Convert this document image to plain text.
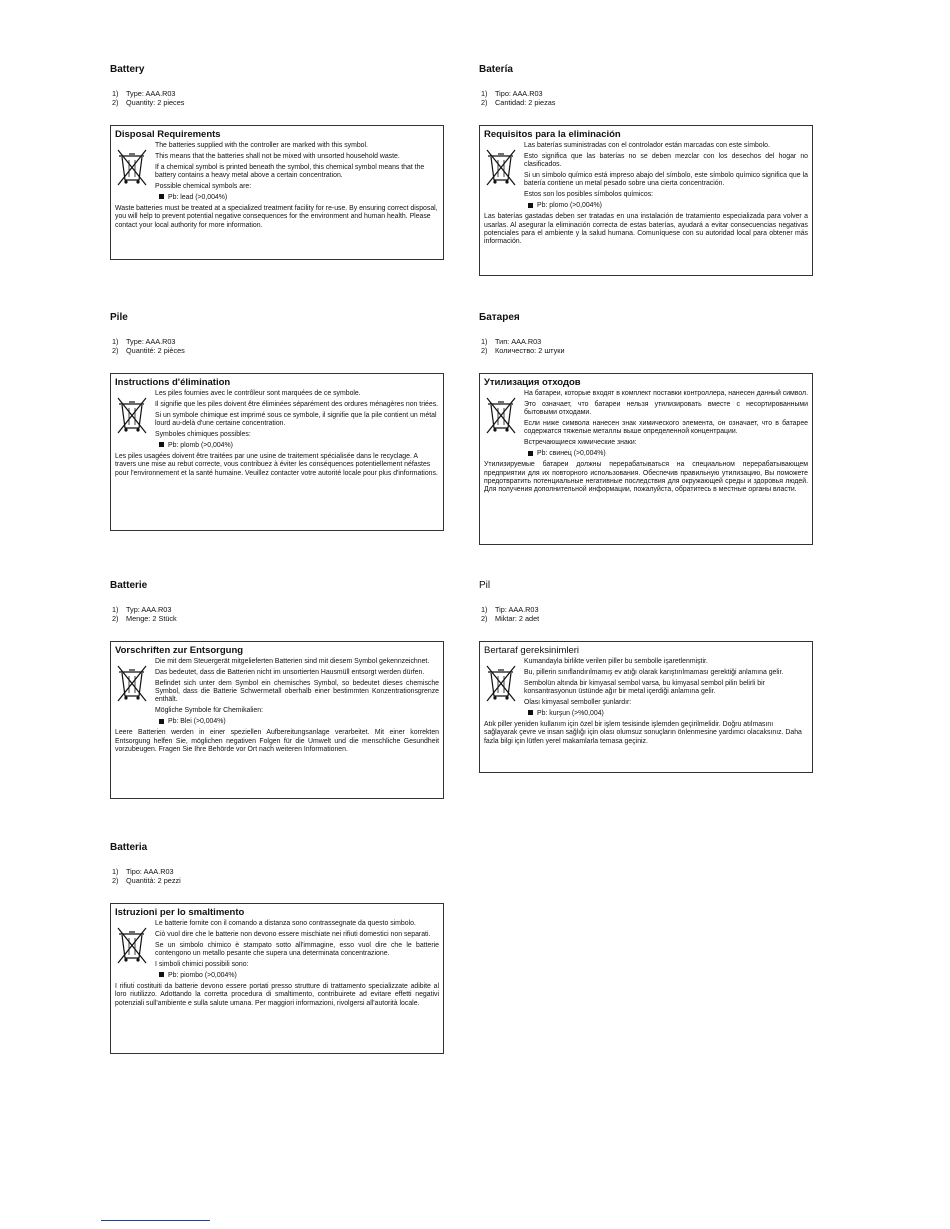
Battery
1)	Type: AAA.R03
2)	Quantity: 2 pieces
Disposal Requirements

The batteries supplied with the controller are marked with this symbol.

This means that the batteries shall not be mixed with unsorted household waste.

If a chemical symbol is printed beneath the symbol, this chemical symbol means that the battery contains a heavy metal above a certain concentration.

Possible chemical symbols are:

Pb: lead (>0,004%)

Waste batteries must be treated at a specialized treatment facility for re-use. By ensuring correct disposal, you will help to prevent potential negative consequences for the environment and human health. Please contact your local authority for more information.

Batería
1)	Tipo: AAA.R03
2)	Cantidad: 2 piezas
Requisitos para la eliminación

Las baterías suministradas con el controlador están marcadas con este símbolo.

Esto significa que las baterías no se deben mezclar con los desechos del hogar no clasificados.

Si un símbolo químico está impreso abajo del símbolo, este símbolo químico significa que la batería contiene un metal pesado sobre una cierta concentración.

Estos son los posibles símbolos químicos:

Pb: plomo (>0,004%)

Las baterías gastadas deben ser tratadas en una instalación de tratamiento especializada para volver a usarlas. Al asegurar la eliminación correcta de estas baterías, ayudará a evitar consecuencias negativas potenciales para el ambiente y la salud humana. Comuníquese con su autoridad local para obtener más información.

Pile
1)	Type: AAA.R03
2)	Quantité: 2 pièces
Instructions d'élimination

Les piles fournies avec le contrôleur sont marquées de ce symbole.

Il signifie que les piles doivent être éliminées séparément des ordures ménagères non triées.

Si un symbole chimique est imprimé sous ce symbole, il signifie que la pile contient un métal lourd au-delà d'une certaine concentration.

Symboles chimiques possibles:

Pb: plomb (>0,004%)

Les piles usagées doivent être traitées par une usine de traitement spécialisée dans le recyclage. A travers une mise au rebut correcte, vous contribuez à éviter les conséquences potentiellement néfastes pour l'environnement et la santé humaine. Veuillez contacter votre autorité locale pour plus d'informations.

Батарея
1)	Тип: AAA.R03
2)	Количество: 2 штуки
Утилизация отходов

На батареи, которые входят в комплект поставки контроллера, нанесен данный символ.

Это означает, что батареи нельзя утилизировать вместе с несортированными бытовыми отходами.

Если ниже символа нанесен знак химического элемента, он означает, что в батарее содержатся тяжелые металлы выше определенной концентрации.

Встречающиеся химические знаки:

Pb: свинец (>0,004%)

Утилизируемые батареи должны перерабатываться на специальном перерабатывающем предприятии для их повторного использования. Обеспечив правильную утилизацию, Вы поможете предотвратить потенциальные негативные последствия для окружающей среды и здоровья людей. Для получения дополнительной информации, пожалуйста, обратитесь в местные органы власти.

Batterie
1)	Typ: AAA.R03
2)	Menge: 2 Stück
Vorschriften zur Entsorgung

Die mit dem Steuergerät mitgelieferten Batterien sind mit diesem Symbol gekennzeichnet.

Das bedeutet, dass die Batterien nicht im unsortierten Hausmüll entsorgt werden dürfen.

Befindet sich unter dem Symbol ein chemisches Symbol, so bedeutet dieses chemische Symbol, dass die Batterie Schwermetall oberhalb einer bestimmten Konzentrationsgrenze enthält.

Mögliche Symbole für Chemikalien:

Pb: Blei (>0,004%)

Leere Batterien werden in einer speziellen Aufbereitungsanlage verarbeitet. Mit einer korrekten Entsorgung helfen Sie, möglichen negativen Folgen für die Umwelt und die menschliche Gesundheit vorzubeugen. Fragen Sie Ihre Behörde vor Ort nach weiteren Informationen.

Pil
1)	Tip: AAA.R03
2)	Miktar: 2 adet
Bertaraf gereksinimleri

Kumandayla birlikte verilen piller bu sembolle işaretlenmiştir.

Bu, pillerin sınıflandırılmamış ev atığı olarak karıştırılmaması gerektiği anlamına gelir.

Sembolün altında bir kimyasal sembol varsa, bu kimyasal sembol pilin belirli bir konsantrasyonun üstünde ağır bir metal içerdiği anlamına gelir.

Olası kimyasal semboller şunlardır:

Pb: kurşun (>%0,004)

Atık piller yeniden kullanım için özel bir işlem tesisinde işlemden geçirilmelidir. Doğru atılmasını sağlayarak çevre ve insan sağlığı için olası olumsuz sonuçların önlenmesine yardımcı olacaksınız. Daha fazla bilgi için lütfen yerel makamlarla temasa geçiniz.

Batteria
1)	Tipo: AAA.R03
2)	Quantità: 2 pezzi
Istruzioni per lo smaltimento

Le batterie fornite con il comando a distanza sono contrassegnate da questo simbolo.

Ciò vuol dire che le batterie non devono essere mischiate nei rifiuti domestici non separati.

Se un simbolo chimico è stampato sotto all'immagine, esso vuol dire che le batterie contengono un metallo pesante che supera una determinata concentrazione.

I simboli chimici possibili sono:

Pb: piombo (>0,004%)

I rifiuti costituiti da batterie devono essere portati presso strutture di trattamento specializzate adibite al loro riutilizzo. Adottando la corretta procedura di smaltimento, contribuirete ad evitare effetti negativi potenziali sull'ambiente e sulla salute umana. Per maggiori informazioni, rivolgersi all'autorità locale.
